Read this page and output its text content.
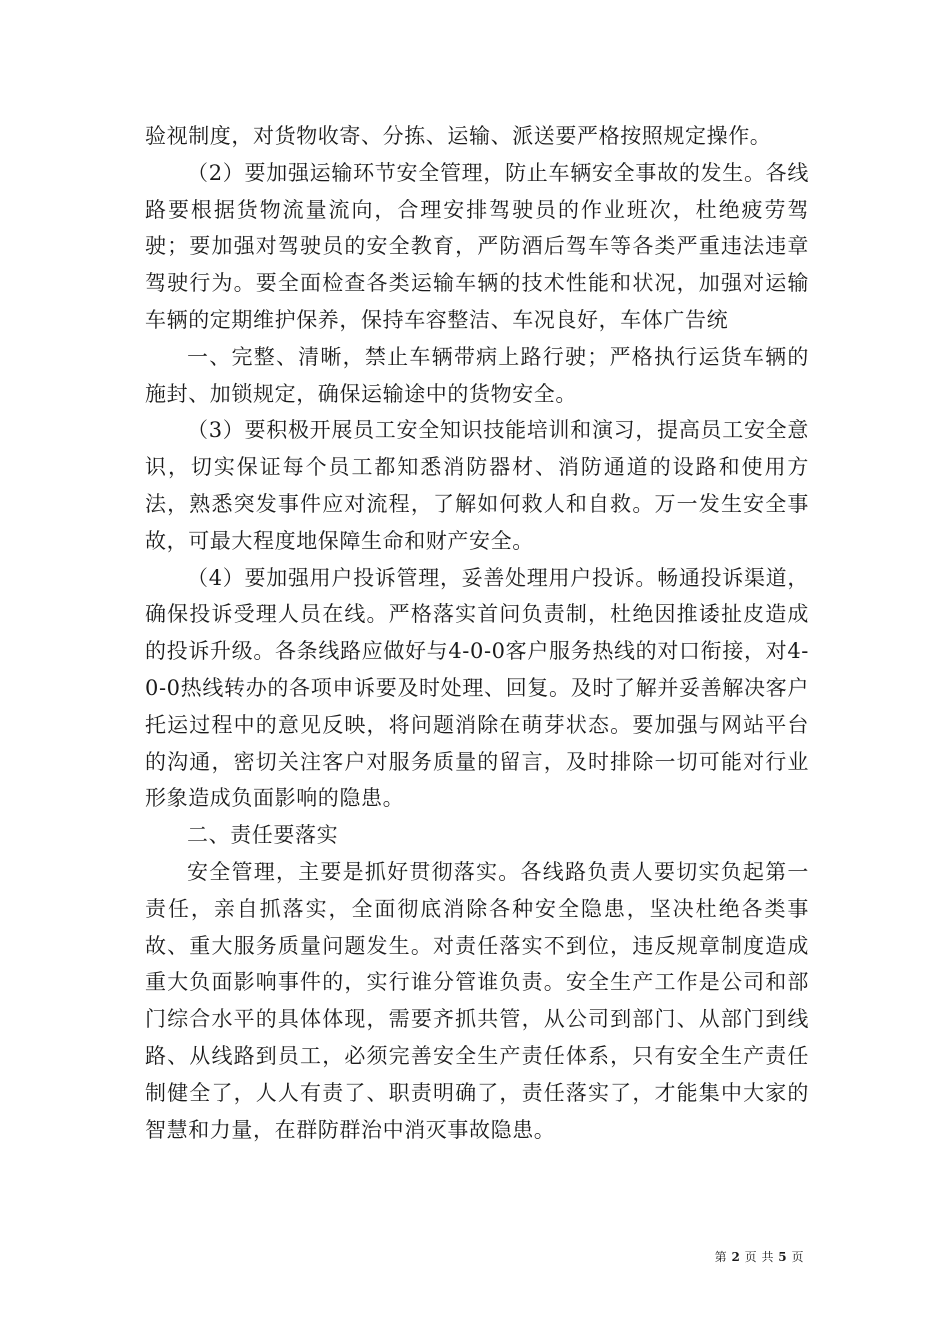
验视制度，对货物收寄、分拣、运输、派送要严格按照规定操作。

（2）要加强运输环节安全管理，防止车辆安全事故的发生。各线路要根据货物流量流向，合理安排驾驶员的作业班次，杜绝疲劳驾驶；要加强对驾驶员的安全教育，严防酒后驾车等各类严重违法违章驾驶行为。要全面检查各类运输车辆的技术性能和状况，加强对运输车辆的定期维护保养，保持车容整洁、车况良好，车体广告统

一、完整、清晰，禁止车辆带病上路行驶；严格执行运货车辆的施封、加锁规定，确保运输途中的货物安全。

（3）要积极开展员工安全知识技能培训和演习，提高员工安全意识，切实保证每个员工都知悉消防器材、消防通道的设路和使用方法，熟悉突发事件应对流程，了解如何救人和自救。万一发生安全事故，可最大程度地保障生命和财产安全。

（4）要加强用户投诉管理，妥善处理用户投诉。畅通投诉渠道，确保投诉受理人员在线。严格落实首问负责制，杜绝因推诿扯皮造成的投诉升级。各条线路应做好与4-0-0客户服务热线的对口衔接，对4-0-0热线转办的各项申诉要及时处理、回复。及时了解并妥善解决客户托运过程中的意见反映，将问题消除在萌芽状态。要加强与网站平台的沟通，密切关注客户对服务质量的留言，及时排除一切可能对行业形象造成负面影响的隐患。

二、责任要落实

安全管理，主要是抓好贯彻落实。各线路负责人要切实负起第一责任，亲自抓落实，全面彻底消除各种安全隐患，坚决杜绝各类事故、重大服务质量问题发生。对责任落实不到位，违反规章制度造成重大负面影响事件的，实行谁分管谁负责。安全生产工作是公司和部门综合水平的具体体现，需要齐抓共管，从公司到部门、从部门到线路、从线路到员工，必须完善安全生产责任体系，只有安全生产责任制健全了，人人有责了、职责明确了，责任落实了，才能集中大家的智慧和力量，在群防群治中消灭事故隐患。

第 2 页 共 5 页
